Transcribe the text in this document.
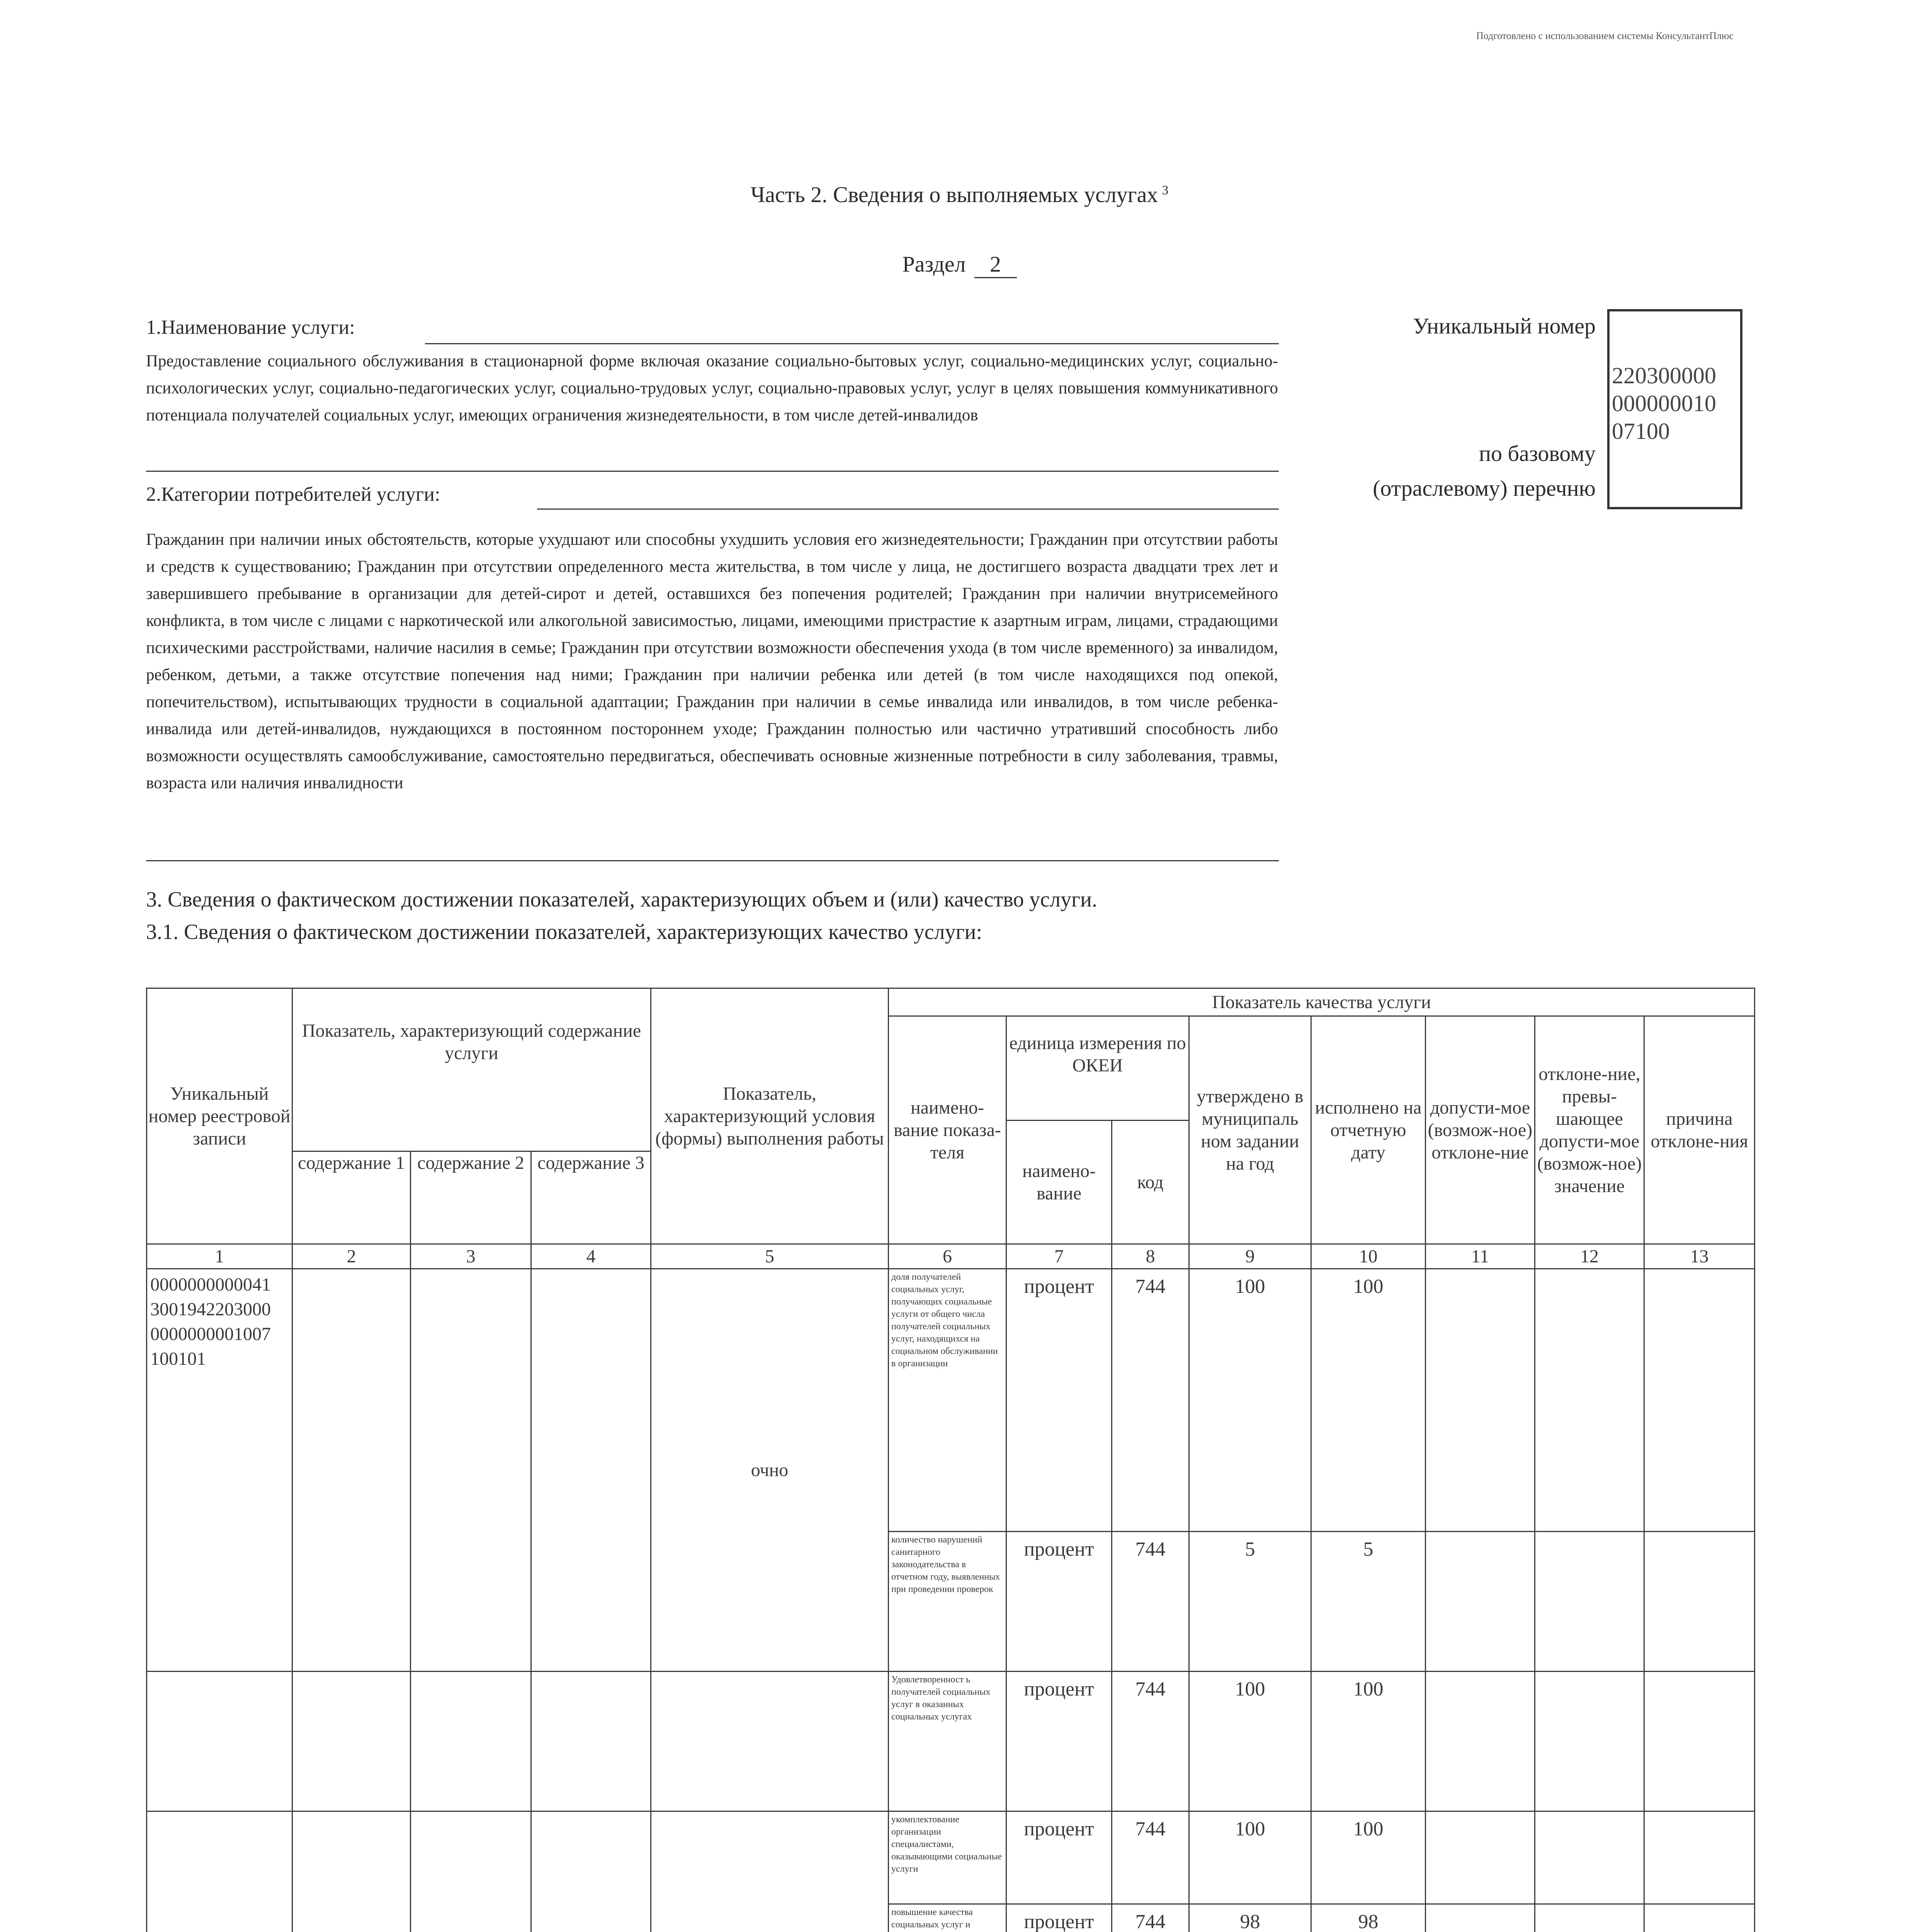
Подготовлено с использованием системы КонсультантПлюс
Часть 2. Сведения о выполняемых услугах $^3$
Раздел 2
1.Наименование услуги:
Предоставление социального обслуживания в стационарной форме включая оказание социально-бытовых услуг, социально-медицинских услуг, социально-психологических услуг, социально-педагогических услуг, социально-трудовых услуг, социально-правовых услуг, услуг в целях повышения коммуникативного потенциала получателей социальных услуг, имеющих ограничения жизнедеятельности, в том числе детей-инвалидов
Уникальный номер
по базовому
(отраслевому) перечню
220300000
000000010
07100
2.Категории потребителей услуги:
Гражданин при наличии иных обстоятельств, которые ухудшают или способны ухудшить условия его жизнедеятельности; Гражданин при отсутствии работы и средств к существованию; Гражданин при отсутствии определенного места жительства, в том числе у лица, не достигшего возраста двадцати трех лет и завершившего пребывание в организации для детей-сирот и детей, оставшихся без попечения родителей; Гражданин при наличии внутрисемейного конфликта, в том числе с лицами с наркотической или алкогольной зависимостью, лицами, имеющими пристрастие к азартным играм, лицами, страдающими психическими расстройствами, наличие насилия в семье; Гражданин при отсутствии возможности обеспечения ухода (в том числе временного) за инвалидом, ребенком, детьми, а также отсутствие попечения над ними; Гражданин при наличии ребенка или детей (в том числе находящихся под опекой, попечительством), испытывающих трудности в социальной адаптации; Гражданин при наличии в семье инвалида или инвалидов, в том числе ребенка-инвалида или детей-инвалидов, нуждающихся в постоянном постороннем уходе; Гражданин полностью или частично утративший способность либо возможности осуществлять самообслуживание, самостоятельно передвигаться, обеспечивать основные жизненные потребности в силу заболевания, травмы, возраста или наличия инвалидности
3. Сведения о фактическом достижении показателей, характеризующих объем и (или) качество услуги.
3.1. Сведения о фактическом достижении показателей, характеризующих качество услуги:
Уникальный номер реестровой записи	Показатель, характеризующий содержание услуги			Показатель, характеризующий условия (формы) выполнения работы	Показатель качества услуги							
					наимено-вание показа-теля	единица измерения по ОКЕИ		утверждено в муниципаль ном задании на год	исполнено на отчетную дату	допусти-мое (возмож-ное) отклоне-ние	отклоне-ние, превы-шающее допусти-мое (возмож-ное) значение	причина отклоне-ния
						наимено-вание	код					
	содержание 1	содержание 2	содержание 3									
1	2	3	4	5	6	7	8	9	10	11	12	13
0000000000041 3001942203000 0000000001007 100101				очно	доля получателей социальных услуг, получающих социальные услуги от общего числа получателей социальных услуг, находящихся на социальном обслуживании в организации	процент	744	100	100			
					количество нарушений санитарного законодательства в отчетном году, выявленных при проведении проверок	процент	744	5	5			
					Удовлетворенност ь получателей социальных услуг в оказанных социальных услугах	процент	744	100	100			
					укомплектование организации специалистами, оказывающими социальные услуги	процент	744	100	100			
					повышение качества социальных услуг и	процент	744	98	98			
